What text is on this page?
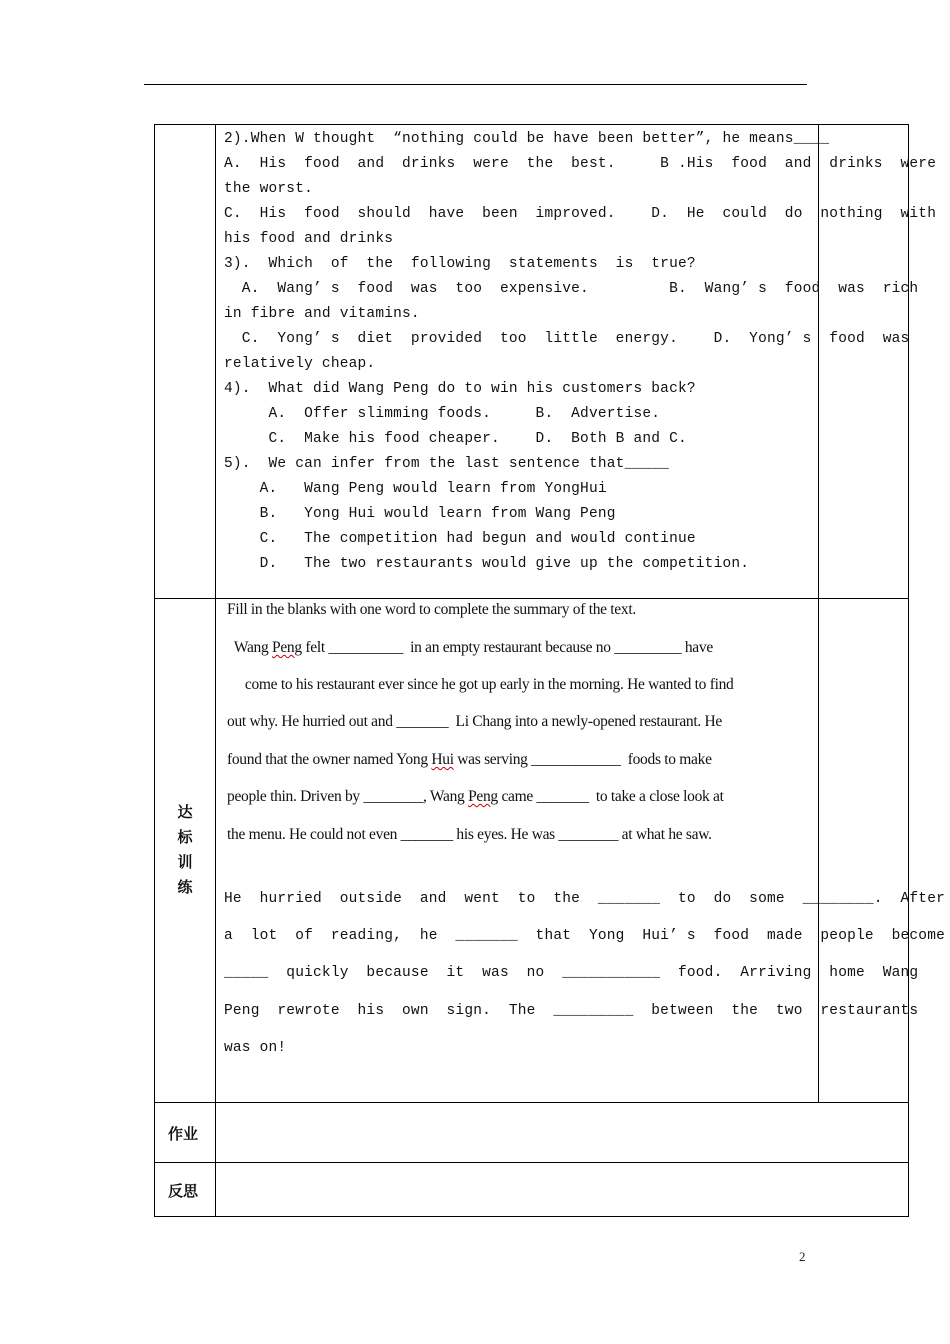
2).When W thought  “nothing could be have been better”, he means____
A.  His  food  and  drinks  were  the  best.     B .His  food  and  drinks  were
the worst.
C.  His  food  should  have  been  improved.    D.  He  could  do  nothing  with
his food and drinks
3).  Which  of  the  following  statements  is  true?
A.  Wang’ s  food  was  too  expensive.         B.  Wang’ s  food  was  rich
in fibre and vitamins.
C.  Yong’ s  diet  provided  too  little  energy.    D.  Yong’ s  food  was
relatively cheap.
4).  What did Wang Peng do to win his customers back?
A.  Offer slimming foods.     B.  Advertise.
C.  Make his food cheaper.    D.  Both B and C.
5).  We can infer from the last sentence that_____
A.   Wang Peng would learn from YongHui
B.   Yong Hui would learn from Wang Peng
C.   The competition had begun and would continue
D.   The two restaurants would give up the competition.
达
标
训
练
Fill in the blanks with one word to complete the summary of the text.
Wang Peng felt __________  in an empty restaurant because no _________ have
come to his restaurant ever since he got up early in the morning. He wanted to find
out why. He hurried out and _______  Li Chang into a newly-opened restaurant. He
found that the owner named Yong Hui was serving ____________  foods to make
people thin. Driven by ________, Wang Peng came _______  to take a close look at
the menu. He could not even _______ his eyes. He was ________ at what he saw.
He  hurried  outside  and  went  to  the  _______  to  do  some  ________.  After
a  lot  of  reading,  he  _______  that  Yong  Hui’ s  food  made  people  become
_____  quickly  because  it  was  no  ___________  food.  Arriving  home  Wang
Peng  rewrote  his  own  sign.  The  _________  between  the  two  restaurants
was on!
作业
反思
2
